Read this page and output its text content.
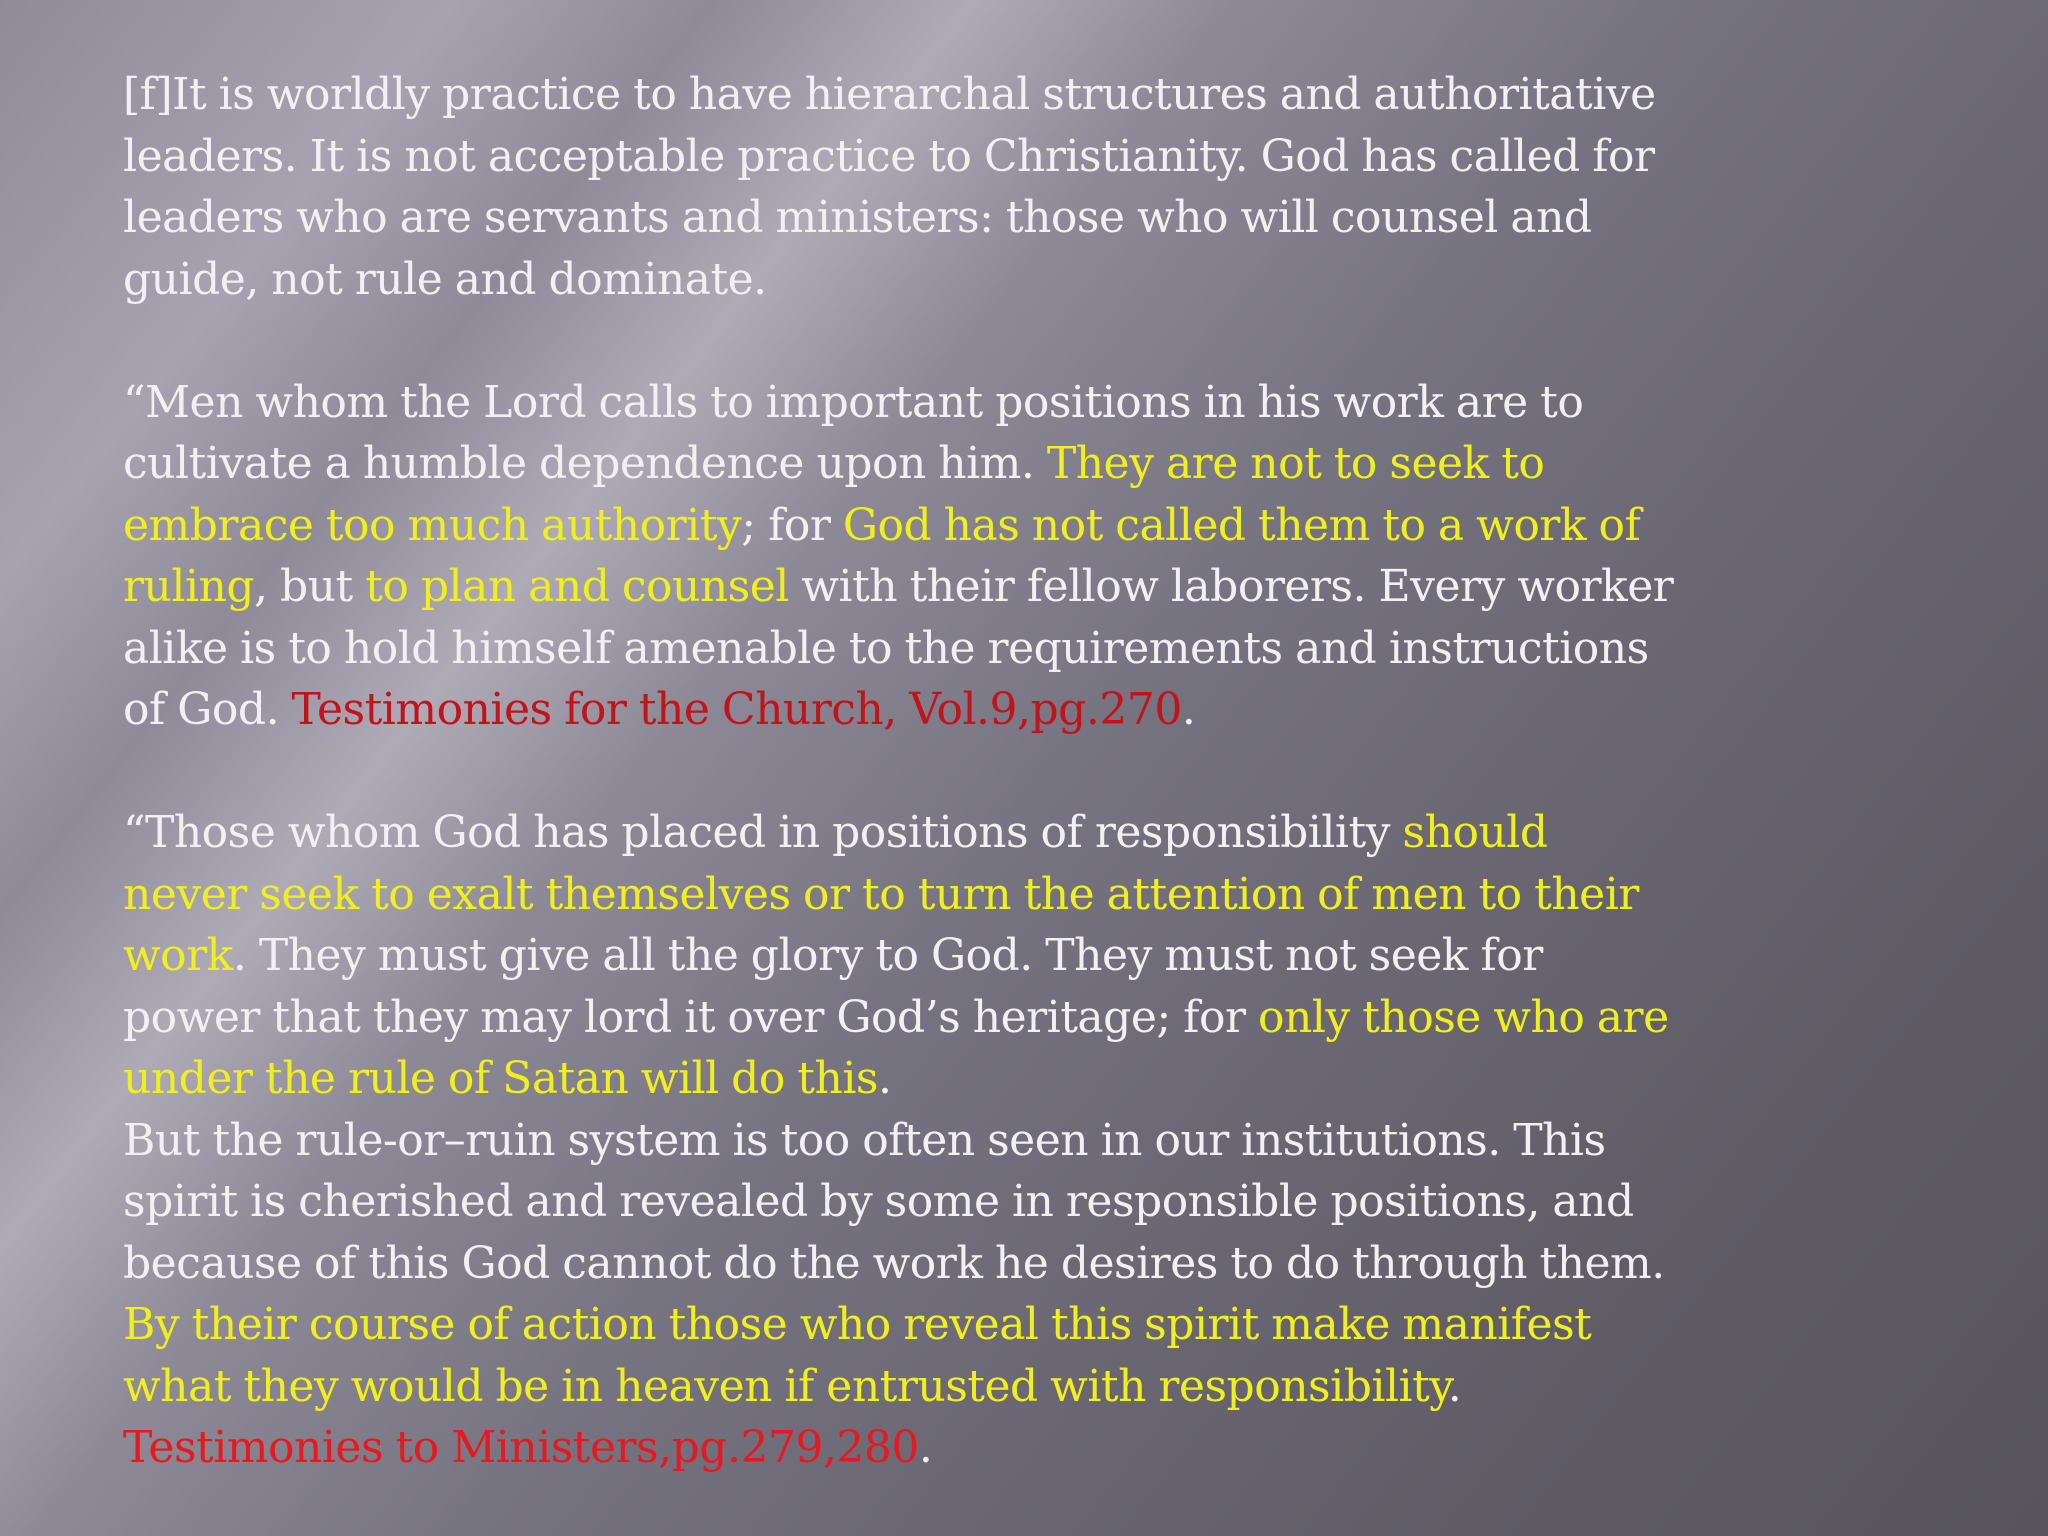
[f]It is worldly practice to have hierarchal structures and authoritative
leaders. It is not acceptable practice to Christianity. God has called for
leaders who are servants and ministers: those who will counsel and
guide, not rule and dominate.
“Men whom the Lord calls to important positions in his work are to
cultivate a humble dependence upon him. They are not to seek to
embrace too much authority; for God has not called them to a work of
ruling, but to plan and counsel with their fellow laborers. Every worker
alike is to hold himself amenable to the requirements and instructions
of God. Testimonies for the Church, Vol.9,pg.270.
“Those whom God has placed in positions of responsibility should
never seek to exalt themselves or to turn the attention of men to their
work. They must give all the glory to God. They must not seek for
power that they may lord it over God’s heritage; for only those who are
under the rule of Satan will do this.
But the rule-or–ruin system is too often seen in our institutions. This
spirit is cherished and revealed by some in responsible positions, and
because of this God cannot do the work he desires to do through them.
By their course of action those who reveal this spirit make manifest
what they would be in heaven if entrusted with responsibility.
Testimonies to Ministers,pg.279,280.
